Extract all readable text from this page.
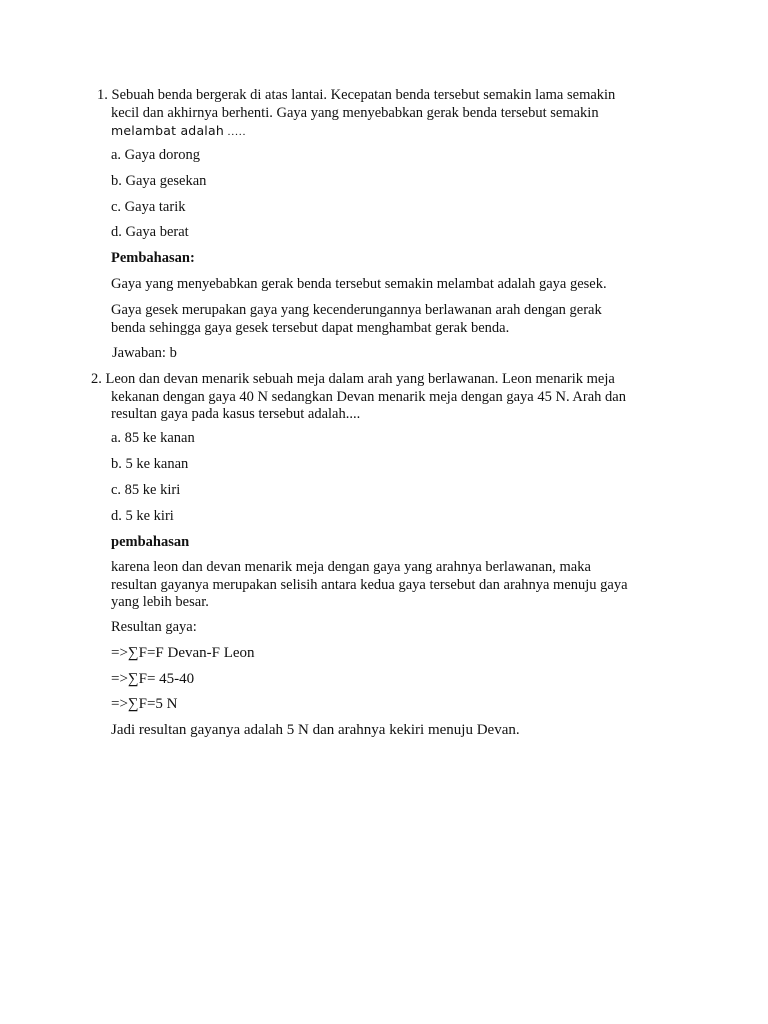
1. Sebuah benda bergerak di atas lantai. Kecepatan benda tersebut semakin lama semakin
kecil dan akhirnya berhenti. Gaya yang menyebabkan gerak benda tersebut semakin
melambat adalah .....
a. Gaya dorong
b. Gaya gesekan
c. Gaya tarik
d. Gaya berat
Pembahasan:
Gaya yang menyebabkan gerak benda tersebut semakin melambat adalah gaya gesek.
Gaya gesek merupakan gaya yang kecenderungannya berlawanan arah dengan gerak
benda sehingga gaya gesek tersebut dapat menghambat gerak benda.
Jawaban: b
2. Leon dan devan menarik sebuah meja dalam arah yang berlawanan. Leon menarik meja
kekanan dengan gaya 40 N sedangkan Devan menarik meja dengan gaya 45 N. Arah dan
resultan gaya pada kasus tersebut adalah....
a. 85 ke kanan
b. 5 ke kanan
c. 85 ke kiri
d. 5 ke kiri
pembahasan
karena leon dan devan menarik meja dengan gaya yang arahnya berlawanan, maka
resultan gayanya merupakan selisih antara kedua gaya tersebut dan arahnya menuju gaya
yang lebih besar.
Resultan gaya:
=>∑F=F Devan-F Leon
=>∑F= 45-40
=>∑F=5 N
Jadi resultan gayanya adalah 5 N dan arahnya kekiri menuju Devan.
